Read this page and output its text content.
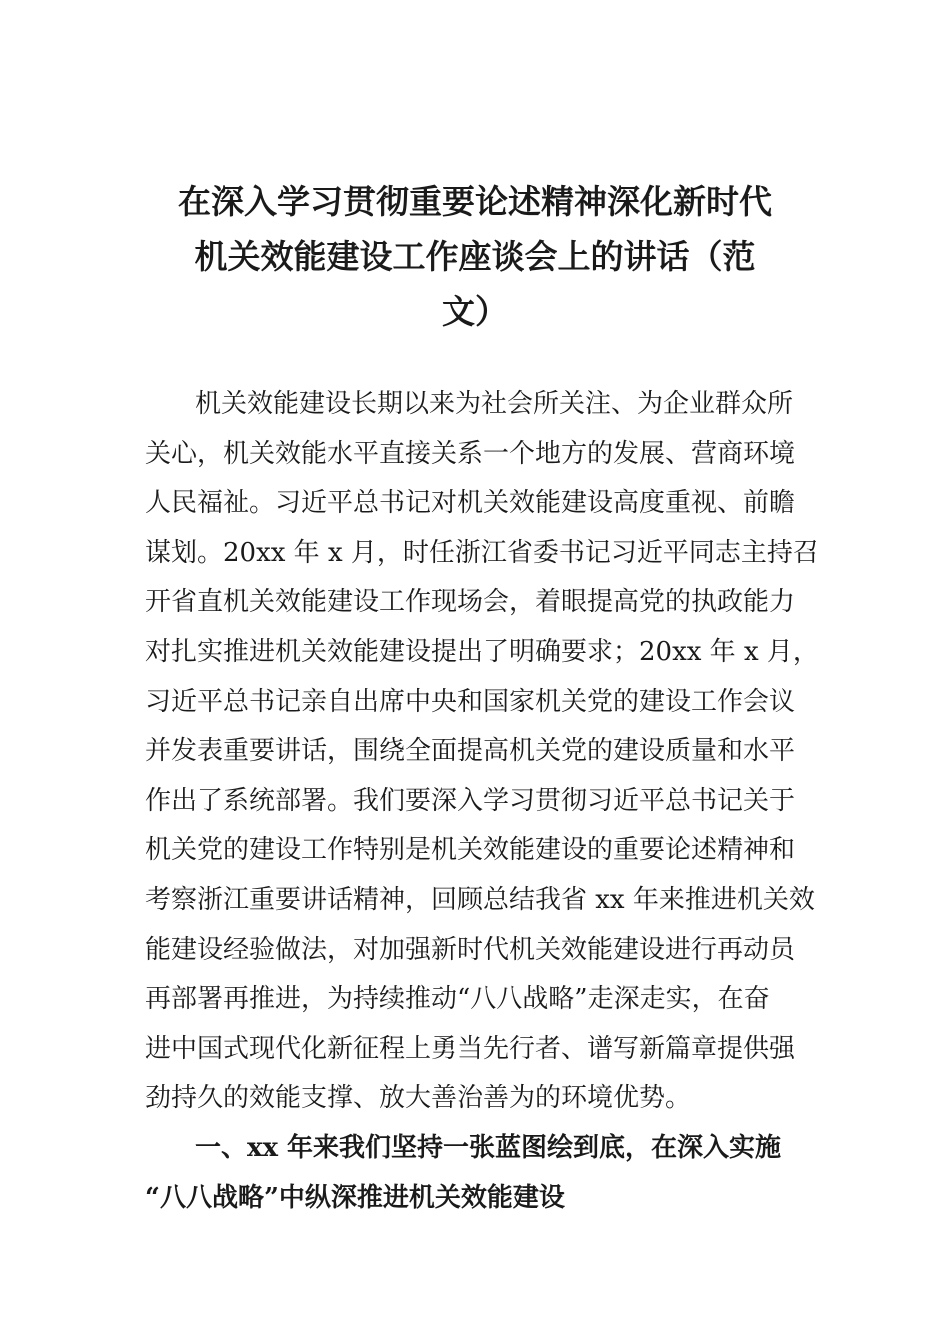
在深入学习贯彻重要论述精神深化新时代
机关效能建设工作座谈会上的讲话（范
文）
机关效能建设长期以来为社会所关注、为企业群众所
关心，机关效能水平直接关系一个地方的发展、营商环境
人民福祉。习近平总书记对机关效能建设高度重视、前瞻
谋划。20xx 年 x 月，时任浙江省委书记习近平同志主持召
开省直机关效能建设工作现场会，着眼提高党的执政能力
对扎实推进机关效能建设提出了明确要求；20xx 年 x 月，
习近平总书记亲自出席中央和国家机关党的建设工作会议
并发表重要讲话，围绕全面提高机关党的建设质量和水平
作出了系统部署。我们要深入学习贯彻习近平总书记关于
机关党的建设工作特别是机关效能建设的重要论述精神和
考察浙江重要讲话精神，回顾总结我省 xx 年来推进机关效
能建设经验做法，对加强新时代机关效能建设进行再动员
再部署再推进，为持续推动“八八战略”走深走实，在奋
进中国式现代化新征程上勇当先行者、谱写新篇章提供强
劲持久的效能支撑、放大善治善为的环境优势。
一、xx 年来我们坚持一张蓝图绘到底，在深入实施
“八八战略”中纵深推进机关效能建设
